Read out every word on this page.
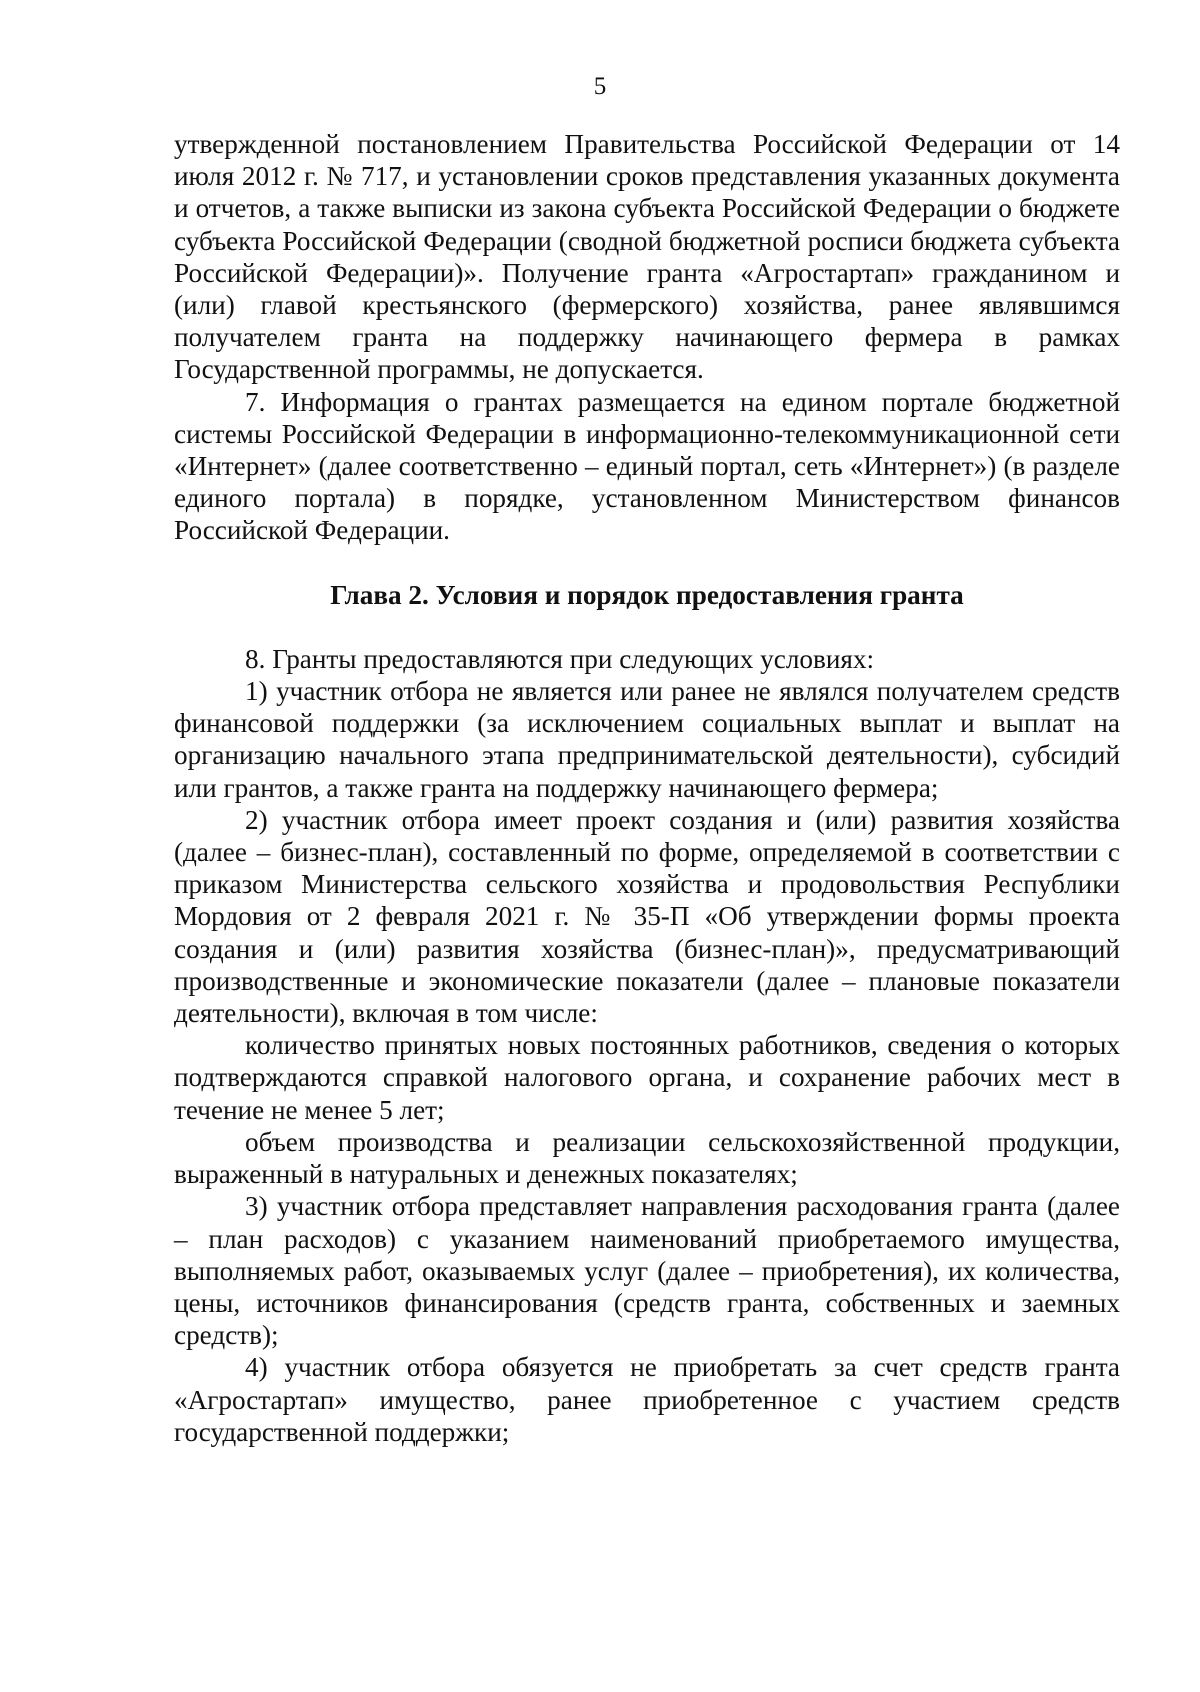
5

утвержденной постановлением Правительства Российской Федерации от 14 июля 2012 г. № 717, и установлении сроков представления указанных документа и отчетов, а также выписки из закона субъекта Российской Федерации о бюджете субъекта Российской Федерации (сводной бюджетной росписи бюджета субъекта Российской Федерации)». Получение гранта «Агростартап» гражданином и (или) главой крестьянского (фермерского) хозяйства, ранее являвшимся получателем гранта на поддержку начинающего фермера в рамках Государственной программы, не допускается.

7. Информация о грантах размещается на едином портале бюджетной системы Российской Федерации в информационно-телекоммуникационной сети «Интернет» (далее соответственно – единый портал, сеть «Интернет») (в разделе единого портала) в порядке, установленном Министерством финансов Российской Федерации.

Глава 2. Условия и порядок предоставления гранта

8. Гранты предоставляются при следующих условиях:

1) участник отбора не является или ранее не являлся получателем средств финансовой поддержки (за исключением социальных выплат и выплат на организацию начального этапа предпринимательской деятельности), субсидий или грантов, а также гранта на поддержку начинающего фермера;

2) участник отбора имеет проект создания и (или) развития хозяйства (далее – бизнес-план), составленный по форме, определяемой в соответствии с приказом Министерства сельского хозяйства и продовольствия Республики Мордовия от 2 февраля 2021 г. № 35-П «Об утверждении формы проекта создания и (или) развития хозяйства (бизнес-план)», предусматривающий производственные и экономические показатели (далее – плановые показатели деятельности), включая в том числе:

количество принятых новых постоянных работников, сведения о которых подтверждаются справкой налогового органа, и сохранение рабочих мест в течение не менее 5 лет;

объем производства и реализации сельскохозяйственной продукции, выраженный в натуральных и денежных показателях;

3) участник отбора представляет направления расходования гранта (далее – план расходов) с указанием наименований приобретаемого имущества, выполняемых работ, оказываемых услуг (далее – приобретения), их количества, цены, источников финансирования (средств гранта, собственных и заемных средств);

4) участник отбора обязуется не приобретать за счет средств гранта «Агростартап» имущество, ранее приобретенное с участием средств государственной поддержки;
